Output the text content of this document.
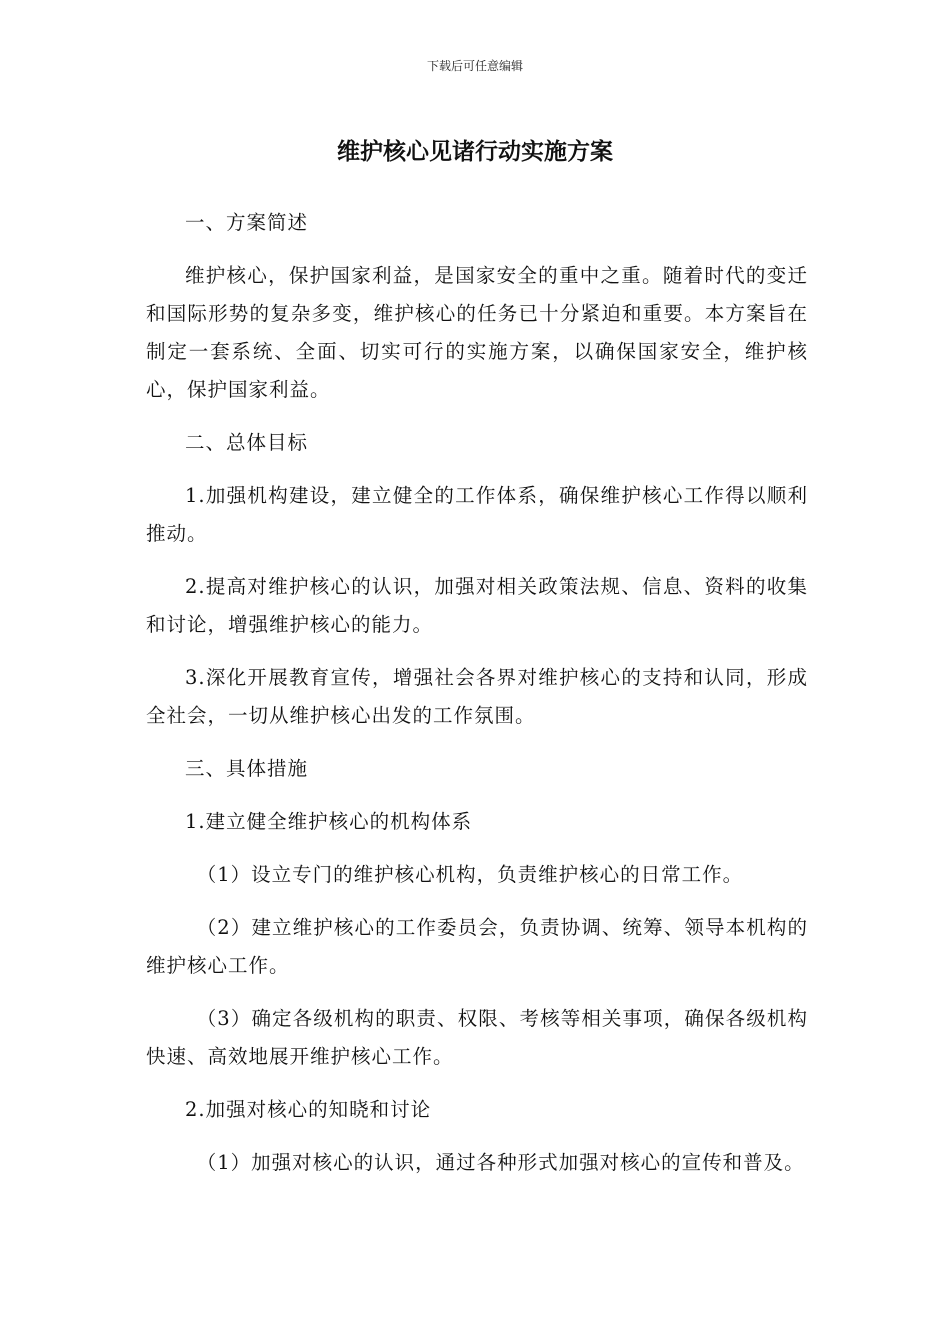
下载后可任意编辑
维护核心见诸行动实施方案

一、方案简述

维护核心，保护国家利益，是国家安全的重中之重。随着时代的变迁和国际形势的复杂多变，维护核心的任务已十分紧迫和重要。本方案旨在制定一套系统、全面、切实可行的实施方案，以确保国家安全，维护核心，保护国家利益。

二、总体目标

1.加强机构建设，建立健全的工作体系，确保维护核心工作得以顺利推动。

2.提高对维护核心的认识，加强对相关政策法规、信息、资料的收集和讨论，增强维护核心的能力。

3.深化开展教育宣传，增强社会各界对维护核心的支持和认同，形成全社会，一切从维护核心出发的工作氛围。

三、具体措施

1.建立健全维护核心的机构体系

（1）设立专门的维护核心机构，负责维护核心的日常工作。

（2）建立维护核心的工作委员会，负责协调、统筹、领导本机构的维护核心工作。

（3）确定各级机构的职责、权限、考核等相关事项，确保各级机构快速、高效地展开维护核心工作。

2.加强对核心的知晓和讨论

（1）加强对核心的认识，通过各种形式加强对核心的宣传和普及。
